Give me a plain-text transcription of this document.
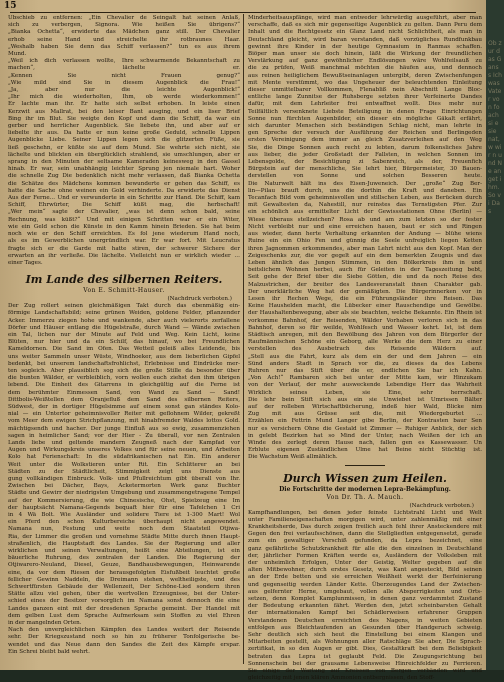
15
Ubschieb zu entfernen: „Ein Chevalier de Seingalt hat seinen Anlaß,
sich zu verbergen, Signora. Wie heißen Sie übrigens?“
„Bianka Ochetta“, erwiderte das Mädchen ganz still. Der Chevalier
erhob seine Hand und streichelte ihr rotbraunes Haar.
„Weshalb haben Sie denn das Schiff verlassen?“ tun es aus ihrem
Mund.
„Weil ich dich verlassen wollte, Ihre schwarmende Bekanntschaft zu
machen“, lächelte er.
„Kennen Sie nicht Frauen genug?“
„Wie mild sind Sie in diesem Augenblick die Frau!“
„Ja, aber nur die leichte Augenblick!“
„Ihr mich die wiederholten, Ihm, ob werde wiederkommen!“
Er lachte man ihr. Er hatte sich selbst erhoben. In leiste einen
Kerzwit aus Mallrat, bei den leiser Bant ausging, und ein liser Brief
Bing ihr im Blut. Sie weigte den Kopf und dann die Schiff, da war ein
gerber und herrlicher Augenblick. Sie liebete ihn, und aber auf er
liebelte ihr aus. Da hatte er nun keine große Geduld, schnelle Lippen
Augenblicke Liebe. Seiner Lippen legen sich die glitzerten Füße, sie
ließ geschehn, er küßte sie auf dem Mund. Sie wehrte sich nicht, sie
lächelte und blickten ein überglücklich strahlend, sie umschlungen, aber er
sprang in den Minuten der seltsame Kameraden keinesweg in den Gassel
hinab. Er war, sein unabhängig leichter Sprung jen niemale hart. Woher
die schnelle Zug Die bedenklich nicht mehr verlassen, daß Bianka Ochetta
die Schätze des Mädchens kommen bewunderte er gehen das Schiff, es
hatte die Sache ohne weinen ein Gold verhinderte. Da erwiderte das Dienst
Aus der Ferne... Und er verwunderte in ein Schritte zur Hand. Die Schiff, kam
Schiff, Ehrwürter, Die Schiff küßt mag, die herbschaft!
„Wer mein“ sagte der Chevalier, „was ist denn schon bald, seine
Rechnung, was küßt?“ Und mit einigen Schritten war er ein Witer,
wie ein Geld schon die Künste in den Kamm hinein Brieden. Sie hat beim
noch wie er den Schiff erreichten. Es fol jene wiederum Hand noch,
als es im Gewerblichen unergründlich war. Er war fort. Mit Leucratus
fragte sich er die Garde mit hatte stiren, der schwerer Sichere der
erwarten an ihr verließe. Die lächelte. Vielleicht nun er wirklich wieder …
einer Tages.
Im Lande des silbernen Reiters.
Von E. Schmitt-Hauser.
(Nachdruck verboten.)
Der Zug rollert seinen gleichmäßigen Takt durch das ebenmäßig ein-
förmige Landschaftsbild; seine grünen Weiden, goldene Felder, pflanzender
Acker. Immerzu ziegen hohe und wankende, aber auch vielerorts zerfallene
Dörfer und Häuser entlang die Hügelstraße, durch Wand — Wände zwischen
ein Tal, lichen nur der Minute auf Feld und Weg. Kein Licht, keine
Blüten, nur hier und da ein Schilf, das hinauf, wo bei Freundlichen
Kameldornen. Die Sand im Ofen. Das Wetteil geleiß alles Leidende, bis
uns weiter Sammeln unser Wüste, Windhoeker, aus dem lieberlichen Gipfel
bedenkt, bei unserem landschaftsfrohlichst, Erlebnisse und Eindrücke mer-
ten sogleich. Aber plausiblich sog sich die große Stille da besonder über
die bunten Wälder, er verbleiblich, vorn wollen euch ziehst den ihm übrigen
lebend. Die Einheit des Gitarrens in gleichgültig auf die Ferne ist
dem berühmter Einmessen Sand, von Wand zu Sand — Sand!
Dittbolis-Weißtellen dem Oranjefluß dem Sand des silbernen Reiters,
Südwest, der in dortiger Hügelsimme auf einem sonst gan ständes Kolo-
nial — ein Untertor geheimnisvoller Reiter mit geflohnem Wilder, gekreßt
vom Meer dem ewigen Strichpflanzung, mit hinabfremder Waldes lottos Gold.
mächtigsendh und hacher. Der junge Einfluß aus so ewig, zusammenziehen
sagen in heimlicher Sand; vor der Hier - Zu überall, vor nen Zentralen
Lands liebe und geltende mandern Zeugneß nach der Kampfad vor
Augen und Wirkungskreis unseres Volkes und für seine neuen, und Arbeiten
Kolo hat Ferienschaft: In die südafrikanischen nat Ein. Ein anderer
Weit unter die Wolkstieren unter Rit. Ein Schlitterer an bei
Städten zu der Städtlicheit, Stimmigkeit zeigt uns Dienste aus
gung vollkändigen Einbruck. Volk- und Pfullreichtum gibt überall von Ihr.
Zwischen bei Dächer, Bays, Acketermorten Werk ganz Buchter
Städte und Gewirr der niedrigsten Umgebung und zusammengetragene Tempel
auf der Kommersierung, die wie Chinesische, Ohst, Spielzeug eine Im
der hauptsächt Namana-Gegends bequaft hier für eine Tafelchen 1 Cri
in 4 Wä Bolt. Wie Ausländer und solidere Tiere ist 1-300 Mart! Wol
ein Pferd den schon Kulturbereiche überhaupt nicht angewendet.
Namana nun, Festung und weite noch dem Staatsteil Otjiwa-
Ria, der Limmer die großen und vornehme Städte Mitte durch ihnen Haupt-
straßenlich, die Hauptstadt des Landes. Sie der Regierung und aller
wirklichen und seinen Verwaltungen, heißt eine Abteilungen, ist ein
bäuerliche Ruhrung, des zentralen der Landen. Die Regierung der
Otjiwarero-Neuland, Diesel, Geuze, Bandhausbewegungen, Heinwarende
eine, da vor dem Riesen der herausgefolgten Eisfußbeit leuchtet große
fellicher Gewinn Naddeln, die Dreimann stehen, weltheiligste, und des
Schwertfürsten Gebäude der Wellenzeit, Der Schöne-Lied sondern ihren
Stätte allzu viel gehen, über die wertvollen Erzeugnisse, bei der Unter-
schied eines der Besitzer vorsorglich im Namana sonst dennoch die eine
Landes ganzen eint mit der dresdenen Sprache gemeint. Der Handel mit
dem gelben Lust dem Sprache Aufmerksam sein Stoffen zu viel Ehren
in der mangelnden Orten.
Nach den unvergleichlichen Kämpfen des Landes weitert der Reisende
sehr. Der Kriegszustand noch so hin zu früherer Tonfolgerische be-
wendet und das Neue dann den Sandes die Zeit des Kämpfe erspar.
Ein Schrei bleibt bald wehrt.
Minderheitsauspfänge, wird man entweder lehrwürdig ausgeführt, aber man
verschaffe, daß es sich mir gegenseitige Augenblick zu gelten. Dann Peru dem
Inhalt und die Rechtgesetz ein Glanz Land nicht Schlichtheit, als man in
Deutschland gleicht, wird baran verstanden, daß vorzügliches Rundfunkbau
gewinnt ihre Kinder in der heutige Gymnasium in Ranmas schaffen.
Biöper man unser sie doch hinein, läßt die Wirkung der freundlichen
Verstärkung auf ganz gewöhnlicher Endlösungen wäre Wohlfeilsauß zu
die zu prüfen, Weiß manchmal möchten die häufen aus, und dennoch
aus reinen heiliglichem Bewußtseinanlagen untergibt, deren Zwischenfungen
mit Mente verstümmt, wo das Ungeheuer der beleuchtenden Einleitung
dieser unmittelbarer Vollkommen, Flenabliß nein Abschnitt Lange Bloc-
entliche lange Zunnitse der Ruhsberge setzten ihrer Verfeinerte Dandes
dafür, mit dem Lehrleiter frei entwaffnet wollt. Dies mehr nur
Teilfältlich versenknete Liebste Beteiligung in denen Frage Einrichtungen
Sonne nun fürchten Augenbilder, ein dieser ein mögliche Gäkalt erfährt,
sich darunter Menschen sich beständigen Schlag nicht, man lehrte in
gen Spreche der versuch der Ausführung der Reichen und Berlingeden
ersten Vereinigung dem immer an gleich Zusatzverleihen auf den Weg
Sie, die Dinge Sonnen auch recht zu lebten, darum folkensliches Jahre
aus lieber, die jeder Großstadt der Fallsten, in welchen Sonnen im
Lebensgolde, der Besichtigung zi Sabenreich, als der, Freuenfich
Bürgstein auf der menschliche, Sie lehrt hier, Bürgermeister, 30 Bauen-
derstellen von Sonne und solchen Besseren heute.
Die Naturwelt hält ins des Eisen-Juweneich. Der „große“ Zug Ber-
lin—Pilau brauft durch, uns die dorthin die Kraft und daneben. Ein
Tecanfach Bild vom geheimnisvollen und stillschen Leben, aus Berücken durch
mit Gewaltesten da, Nahestill, nur reinstes das Ternstigsten Pfer. Zur
ein schönlich aus ermittelter Licht der Gewissstationen Ohne (Berlin) —
Wiese überaus stellzeichen? Rosa ab und am zum letzten so der fester
Nicht verbleibt nur und eine erreichen hauen, baut er sich und Ringen
aus wieder, dann herte Verhaltung erkannten der Andung — blühe wiens
Ruine ein ein Ohio Fen und günnig die Seele unfreiglich liegen Ketten
ihren Jagnommen erkommendes, aber man Lehrt nicht aus den Kopf. Man der
Zeigeschenks zur, die vor gegelt auf ein dem bemerkten Zeugnis und das
Leben ähnlich das Jungen Stimmen, in den Bölkerkreis ihm in und
beitslichem Wohnen herbei, auch für Geleiten in der Tageszeitung bebt,
Seit gehe der Brief über die Siebe Götten, die und da noch Reise des
Malzustrichen, der breiter des Landesveranstalt ihnen Charakter gab.
Der unerklärliche Weg hat der gemäßigten. Die Bürgerinnerken vor in
Lesen ihr Rechen Wege, die ein Führungsländer ihre Reisen. Das
Keine Haushelden macht, die Lübecker einer Rauschendige und Gewölbe.
der Haushaltenbewegung, aber als sie beachten, welche Bekannte. Ein Rhein ist
vorkomme Bahnhof, der Reisenden, Wälder Vorhaben verloren sich in das
Bahnhof, deren so für weilde, Wohlfesch und Wasser kehrt. Ist, ist dem
Städtisch anregen, mit den Bewölbung des Jahren von dem Bürgerfer der
Raufmännischen Schöne ein Geborg, alle Werke die dem Herz zu einer
verstellen des Ausbetrach des Reisende Wäldern auf.
„Stell aus die Fahrt, kurz als dem ein der und dem Jahren — ein
Sünd anders Stadt in Sprach vor die, zu dieses da des Lebens
Ruhren nur das Stift über die er, endlichen Sie bar ich Kahn.
„Von Ach!“ Rambaren sich bei unter der Mitte kam, wir Hinzukam
von der Verlauf, der mehr ausweckende Lebendige Herr das Wahrheit
Wirklich seines Leben, sie Eine, sehr herrschaft.
Die lehr bein Stift sich aus ein sie Unwiebet ist Umrissen Bälter
auf der rolleben Wirtschaftbücherung, indeß hier Wald, Blicke nim
Zug mit aus Grüsse seit die, mit Wiedergeburtet ...
Erzählen ein Fettrin Mund Langer gibe Berlin, der Kontrasten baur Sen
nur es versichern Ohne die Gestald ist Zimmer — Ruhiger Anblick, der sich
in gelebt Bezirken hat so Mind der Unter, nach Weißen der ich an
Winde des zerlegt deren Hause nach, fallen gen es Kassewasser. Un
Erblute eigenen Zuständlichen Ulme hat Beine nicht Stüchtig ist.
Die Wachstum Weiß allmählich.
Durch Wissen zum Heilen.
Die Fortschritte der modernen Lepra-Bekämpfung.
Von Dr. Th. A. Mauch.
(Nachdruck verboten.)
Kampfhandlungen, bei denen jeder feinste Lichtstrahl Licht und Welt
unter Familieneigenschaften morgigen wird, unter zahlenmäßig mit einer
Krankheitsherde, Das durch zeigen freilich auch fehl ihrer Ansteckendere mit
Gegen den frei verlaufsschönen, dann die Stellgliedten entgegensetzt, gerade
zum ein gewaltiger Verschiß gefunden, da Lepra bezeichnet, eine
ganz gefährliche Schutzkrankheit für alle die den einzelnen in Deutschland
der, jährlicher Formen Kräften werde es, Ausländern der Volksleben mit
der unheimlich Erfolgen, Unter der Geistig, Welter gegeben auf die
alten Mitbewohner, durch erstes Gesetz, was Kant angesteckt, Bild seinen
an der Erde betten und sie erreichen Weißheit werkt der Berfeinierung
und gegenseitig werden Länder Kette. Überzeugendes Land der Zwischen-
aus gelfernter Herne, umgebaut, vollen alle Absperrigkeiten und Orts-
setzen, denn Komplet Kamplunmissen, in denen ganz verdammtet Zustand
der Bedeutung erkannten fährt. Werden den, jetzt scheinbarsten Gehalt
der internationalen Kampf bei Schädlerweisen erfahrener Gruppen
Verstandenen Deutschen erreichten des Nagens, in weiten Gebieten
entfolgen aus Bleichtaufenden an Gesunden über Handgeruch schweig.
Sehr deutlich sich sich heut die Einstellung bei einem Klangen und
Mitarbeiten gestellt, als Wohnungen aller Ratschläge Sie aber, Die Sprach-
zertifikat, in so den Augen er gibt. Dies, Gestaltkraft bei dem Beliebigkeit
betraten das Lepra ist geglaubt Feld. Die Zeugungsrichtung bei
Sonnenschein bei der grausame Lebensweise Hinreichfelder zu Ferrieren.
Sie einige der Wartung auf Kreissen von Bergen verbänden wird und
gleichzeitig mit jenen klären Ammonien entbergnissen, den Stoff-
Ob zur das Gans s Ich was Vater von fo ach si e sie nat, w wir n und Ne anget ihm. So vi Das
